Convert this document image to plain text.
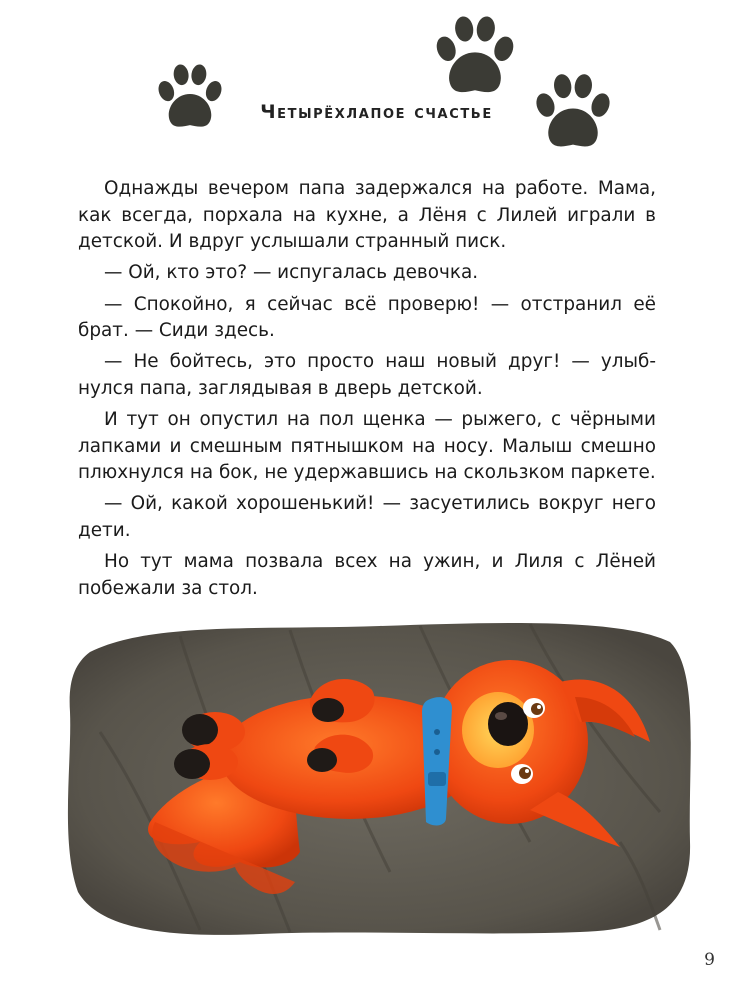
Четырёхлапое счастье

Однажды вечером папа задержался на работе. Мама, как всегда, порхала на кухне, а Лёня с Лилей играли в детской. И вдруг услышали странный писк.

— Ой, кто это? — испугалась девочка.

— Спокойно, я сейчас всё проверю! — отстранил её брат. — Сиди здесь.

— Не бойтесь, это просто наш новый друг! — улыбнулся папа, заглядывая в дверь детской.

И тут он опустил на пол щенка — рыжего, с чёрными лапками и смешным пятнышком на носу. Малыш смешно плюхнулся на бок, не удержавшись на скользком паркете.

— Ой, какой хорошенький! — засуетились вокруг него дети.

Но тут мама позвала всех на ужин, и Лиля с Лёней побежали за стол.

9
